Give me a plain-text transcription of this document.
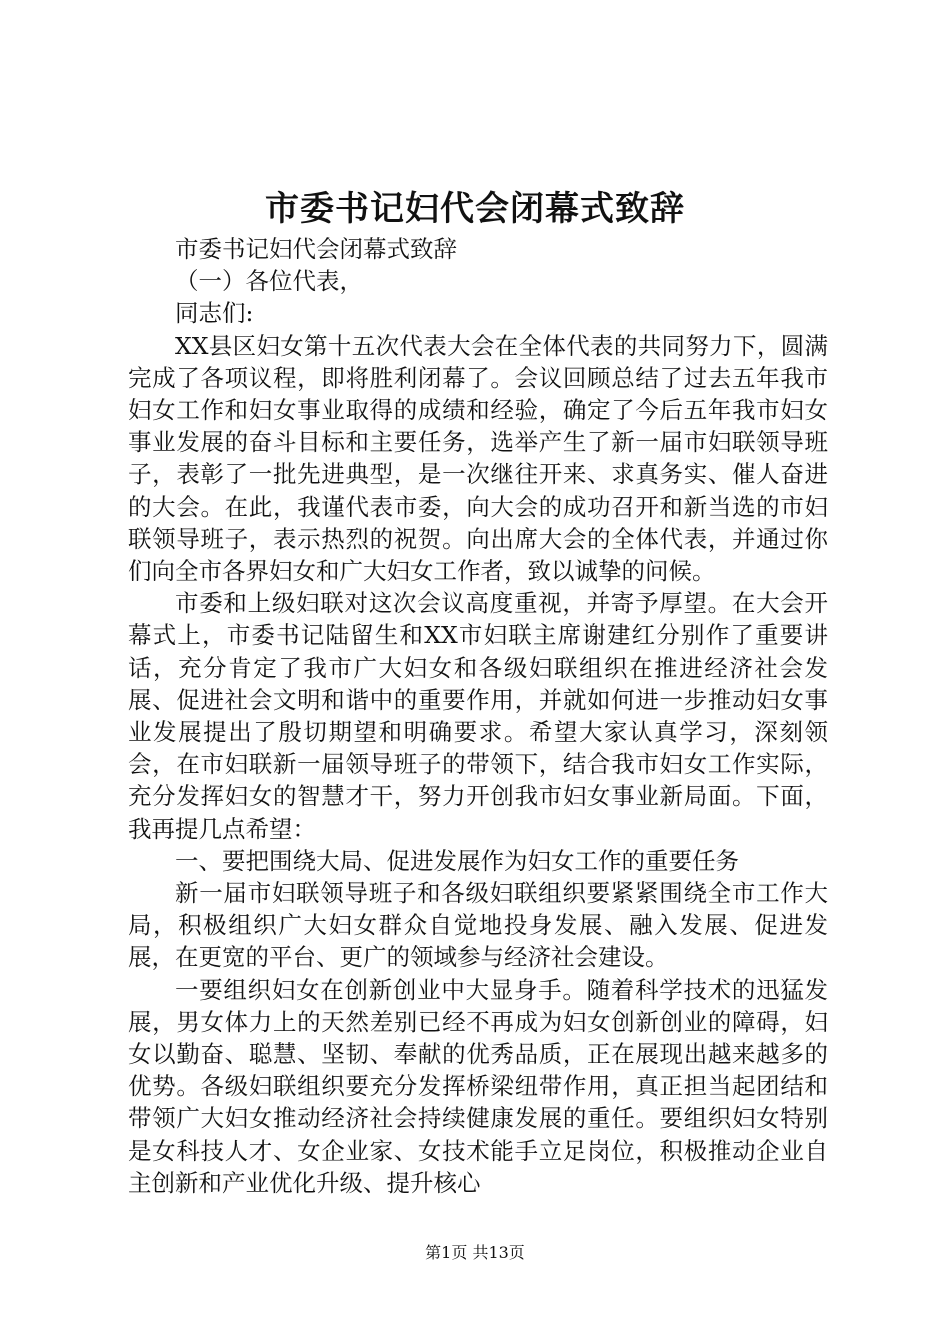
市委书记妇代会闭幕式致辞

市委书记妇代会闭幕式致辞

（一）各位代表，

同志们:

XX县区妇女第十五次代表大会在全体代表的共同努力下，圆满完成了各项议程，即将胜利闭幕了。会议回顾总结了过去五年我市妇女工作和妇女事业取得的成绩和经验，确定了今后五年我市妇女事业发展的奋斗目标和主要任务，选举产生了新一届市妇联领导班子，表彰了一批先进典型，是一次继往开来、求真务实、催人奋进的大会。在此，我谨代表市委，向大会的成功召开和新当选的市妇联领导班子，表示热烈的祝贺。向出席大会的全体代表，并通过你们向全市各界妇女和广大妇女工作者，致以诚挚的问候。

市委和上级妇联对这次会议高度重视，并寄予厚望。在大会开幕式上，市委书记陆留生和XX市妇联主席谢建红分别作了重要讲话，充分肯定了我市广大妇女和各级妇联组织在推进经济社会发展、促进社会文明和谐中的重要作用，并就如何进一步推动妇女事业发展提出了殷切期望和明确要求。希望大家认真学习，深刻领会，在市妇联新一届领导班子的带领下，结合我市妇女工作实际，充分发挥妇女的智慧才干，努力开创我市妇女事业新局面。下面，我再提几点希望：

一、要把围绕大局、促进发展作为妇女工作的重要任务

新一届市妇联领导班子和各级妇联组织要紧紧围绕全市工作大局，积极组织广大妇女群众自觉地投身发展、融入发展、促进发展，在更宽的平台、更广的领域参与经济社会建设。

一要组织妇女在创新创业中大显身手。随着科学技术的迅猛发展，男女体力上的天然差别已经不再成为妇女创新创业的障碍，妇女以勤奋、聪慧、坚韧、奉献的优秀品质，正在展现出越来越多的优势。各级妇联组织要充分发挥桥梁纽带作用，真正担当起团结和带领广大妇女推动经济社会持续健康发展的重任。要组织妇女特别是女科技人才、女企业家、女技术能手立足岗位，积极推动企业自主创新和产业优化升级、提升核心

第1页 共13页
